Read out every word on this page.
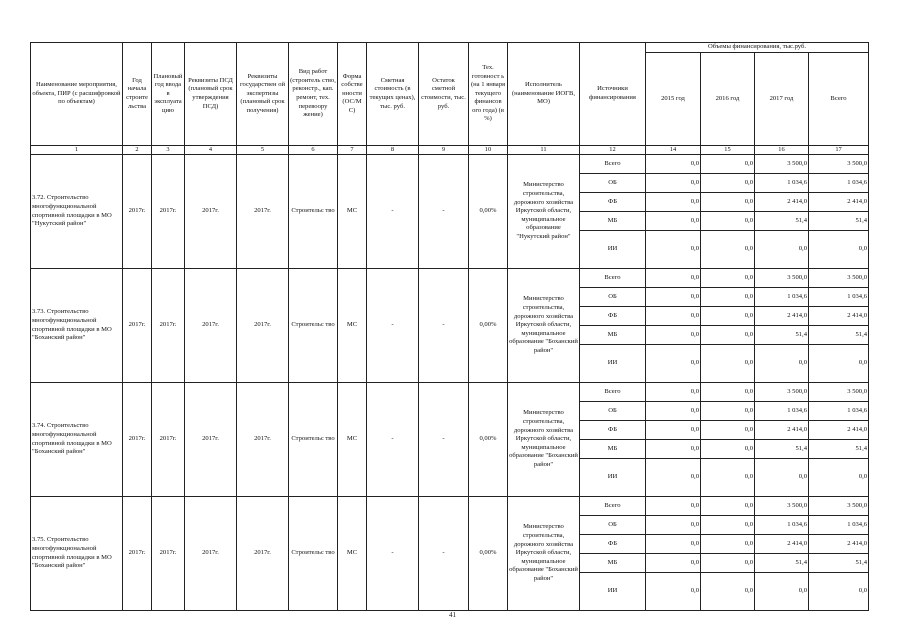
Наименование мероприятия, объекта, ПИР (с расшифровкой по объектам)	Год начала строите льства	Плановый год ввода в эксплуата цию	Реквизиты ПСД (плановый срок утверждения ПСД)	Реквизиты государствен ой экспертизы (плановый срок получения)	Вид работ (строитель ство, реконстр., кап. ремонт, тех. перевоору жение)	Форма собстве нности (ОС/М С)	Сметная стоимость (в текущих ценах), тыс. руб.	Остаток сметной стоимости, тыс. руб.	Тех. готовност ь (на 1 января текущего финансов ого года) (в %)	Исполнитель (наименование ИОГВ, МО)	Источники финансирования	Объемы финансирования, тыс.руб.			
												2015 год	2016 год	2017 год	Всего
1	2	3	4	5	6	7	8	9	10	11	12	14	15	16	17
3.72. Строительство многофункциональной спортивной площадки в МО "Нукутский район"	2017г.	2017г.	2017г.	2017г.	Строительс тво	МС	-	-	0,00%	Министерство строительства, дорожного хозяйства Иркутской области, муниципальное образование "Нукутский район"	Всего	0,0	0,0	3 500,0	3 500,0
											ОБ	0,0	0,0	1 034,6	1 034,6
											ФБ	0,0	0,0	2 414,0	2 414,0
											МБ	0,0	0,0	51,4	51,4
											ИИ	0,0	0,0	0,0	0,0
3.73. Строительство многофункциональной спортивной площадки в МО "Боханский район"	2017г.	2017г.	2017г.	2017г.	Строительс тво	МС	-	-	0,00%	Министерство строительства, дорожного хозяйства Иркутской области, муниципальное образование "Боханский район"	Всего	0,0	0,0	3 500,0	3 500,0
											ОБ	0,0	0,0	1 034,6	1 034,6
											ФБ	0,0	0,0	2 414,0	2 414,0
											МБ	0,0	0,0	51,4	51,4
											ИИ	0,0	0,0	0,0	0,0
3.74. Строительство многофункциональной спортивной площадки в МО "Боханский район"	2017г.	2017г.	2017г.	2017г.	Строительс тво	МС	-	-	0,00%	Министерство строительства, дорожного хозяйства Иркутской области, муниципальное образование "Боханский район"	Всего	0,0	0,0	3 500,0	3 500,0
											ОБ	0,0	0,0	1 034,6	1 034,6
											ФБ	0,0	0,0	2 414,0	2 414,0
											МБ	0,0	0,0	51,4	51,4
											ИИ	0,0	0,0	0,0	0,0
3.75. Строительство многофункциональной спортивной площадки в МО "Боханский район"	2017г.	2017г.	2017г.	2017г.	Строительс тво	МС	-	-	0,00%	Министерство строительства, дорожного хозяйства Иркутской области, муниципальное образование "Боханский район"	Всего	0,0	0,0	3 500,0	3 500,0
											ОБ	0,0	0,0	1 034,6	1 034,6
											ФБ	0,0	0,0	2 414,0	2 414,0
											МБ	0,0	0,0	51,4	51,4
											ИИ	0,0	0,0	0,0	0,0
41
